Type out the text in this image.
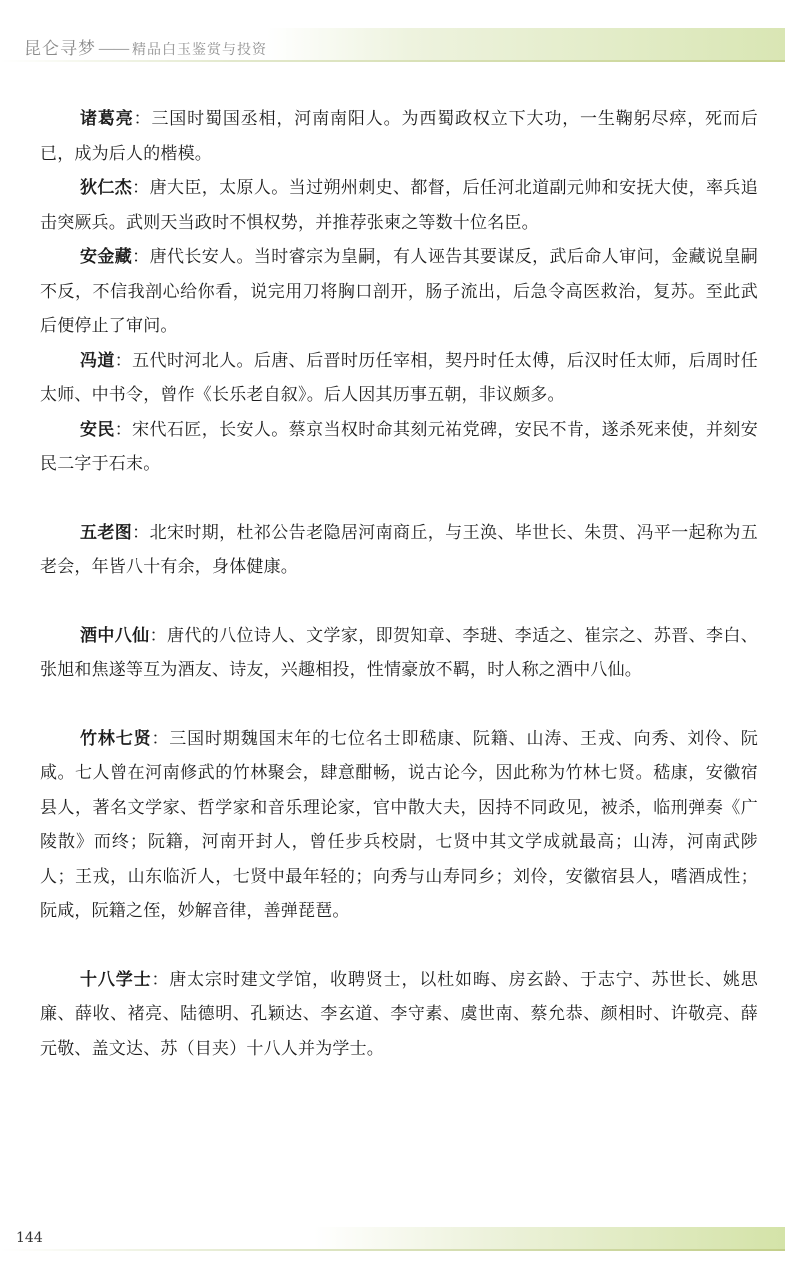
昆仑寻梦 —— 精品白玉鉴赏与投资

诸葛亮：三国时蜀国丞相，河南南阳人。为西蜀政权立下大功，一生鞠躬尽瘁，死而后已，成为后人的楷模。

狄仁杰：唐大臣，太原人。当过朔州刺史、都督，后任河北道副元帅和安抚大使，率兵追击突厥兵。武则天当政时不惧权势，并推荐张柬之等数十位名臣。

安金藏：唐代长安人。当时睿宗为皇嗣，有人诬告其要谋反，武后命人审问，金藏说皇嗣不反，不信我剖心给你看，说完用刀将胸口剖开，肠子流出，后急令高医救治，复苏。至此武后便停止了审问。

冯道：五代时河北人。后唐、后晋时历任宰相，契丹时任太傅，后汉时任太师，后周时任太师、中书令，曾作《长乐老自叙》。后人因其历事五朝，非议颇多。

安民：宋代石匠，长安人。蔡京当权时命其刻元祐党碑，安民不肯，遂杀死来使，并刻安民二字于石末。

五老图：北宋时期，杜祁公告老隐居河南商丘，与王涣、毕世长、朱贯、冯平一起称为五老会，年皆八十有余，身体健康。

酒中八仙：唐代的八位诗人、文学家，即贺知章、李琎、李适之、崔宗之、苏晋、李白、张旭和焦遂等互为酒友、诗友，兴趣相投，性情豪放不羁，时人称之酒中八仙。

竹林七贤：三国时期魏国末年的七位名士即嵇康、阮籍、山涛、王戎、向秀、刘伶、阮咸。七人曾在河南修武的竹林聚会，肆意酣畅，说古论今，因此称为竹林七贤。嵇康，安徽宿县人，著名文学家、哲学家和音乐理论家，官中散大夫，因持不同政见，被杀，临刑弹奏《广陵散》而终；阮籍，河南开封人，曾任步兵校尉，七贤中其文学成就最高；山涛，河南武陟人；王戎，山东临沂人，七贤中最年轻的；向秀与山寿同乡；刘伶，安徽宿县人，嗜酒成性；阮咸，阮籍之侄，妙解音律，善弹琵琶。

十八学士：唐太宗时建文学馆，收聘贤士，以杜如晦、房玄龄、于志宁、苏世长、姚思廉、薛收、褚亮、陆德明、孔颖达、李玄道、李守素、虞世南、蔡允恭、颜相时、许敬亮、薛元敬、盖文达、苏（目夹）十八人并为学士。

144
